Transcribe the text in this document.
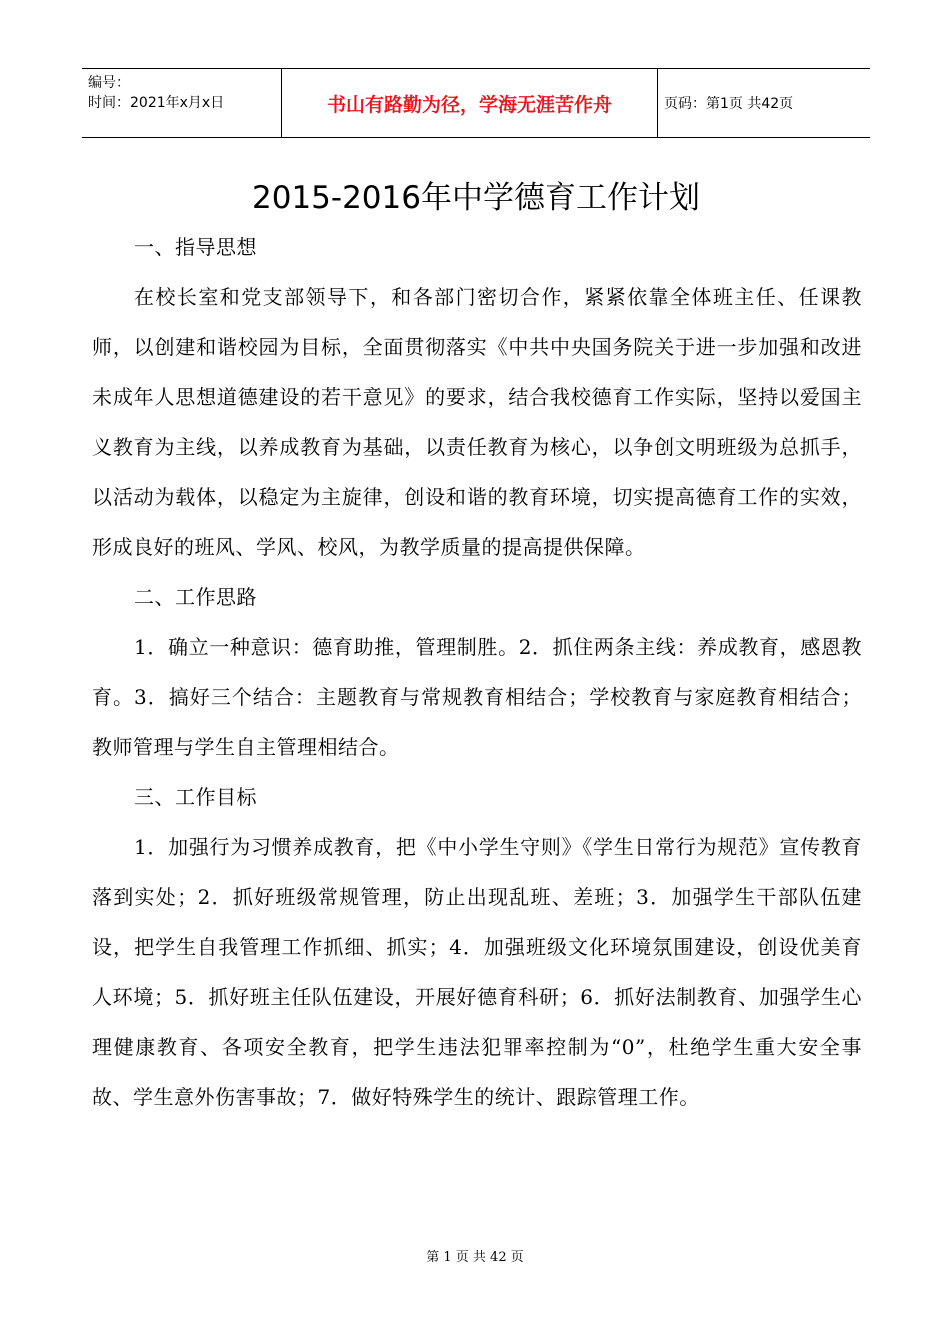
编号：
时间：2021年x月x日	书山有路勤为径，学海无涯苦作舟	页码：第1页 共42页
2015-2016年中学德育工作计划

一、指导思想

在校长室和党支部领导下，和各部门密切合作，紧紧依靠全体班主任、任课教师，以创建和谐校园为目标，全面贯彻落实《中共中央国务院关于进一步加强和改进未成年人思想道德建设的若干意见》的要求，结合我校德育工作实际，坚持以爱国主义教育为主线，以养成教育为基础，以责任教育为核心，以争创文明班级为总抓手，以活动为载体，以稳定为主旋律，创设和谐的教育环境，切实提高德育工作的实效，形成良好的班风、学风、校风，为教学质量的提高提供保障。

二、工作思路

1．确立一种意识：德育助推，管理制胜。2．抓住两条主线：养成教育，感恩教育。3．搞好三个结合：主题教育与常规教育相结合；学校教育与家庭教育相结合；教师管理与学生自主管理相结合。

三、工作目标

1．加强行为习惯养成教育，把《中小学生守则》《学生日常行为规范》宣传教育落到实处；2．抓好班级常规管理，防止出现乱班、差班；3．加强学生干部队伍建设，把学生自我管理工作抓细、抓实；4．加强班级文化环境氛围建设，创设优美育人环境；5．抓好班主任队伍建设，开展好德育科研；6．抓好法制教育、加强学生心理健康教育、各项安全教育，把学生违法犯罪率控制为“0”，杜绝学生重大安全事故、学生意外伤害事故；7．做好特殊学生的统计、跟踪管理工作。

第 1 页 共 42 页
